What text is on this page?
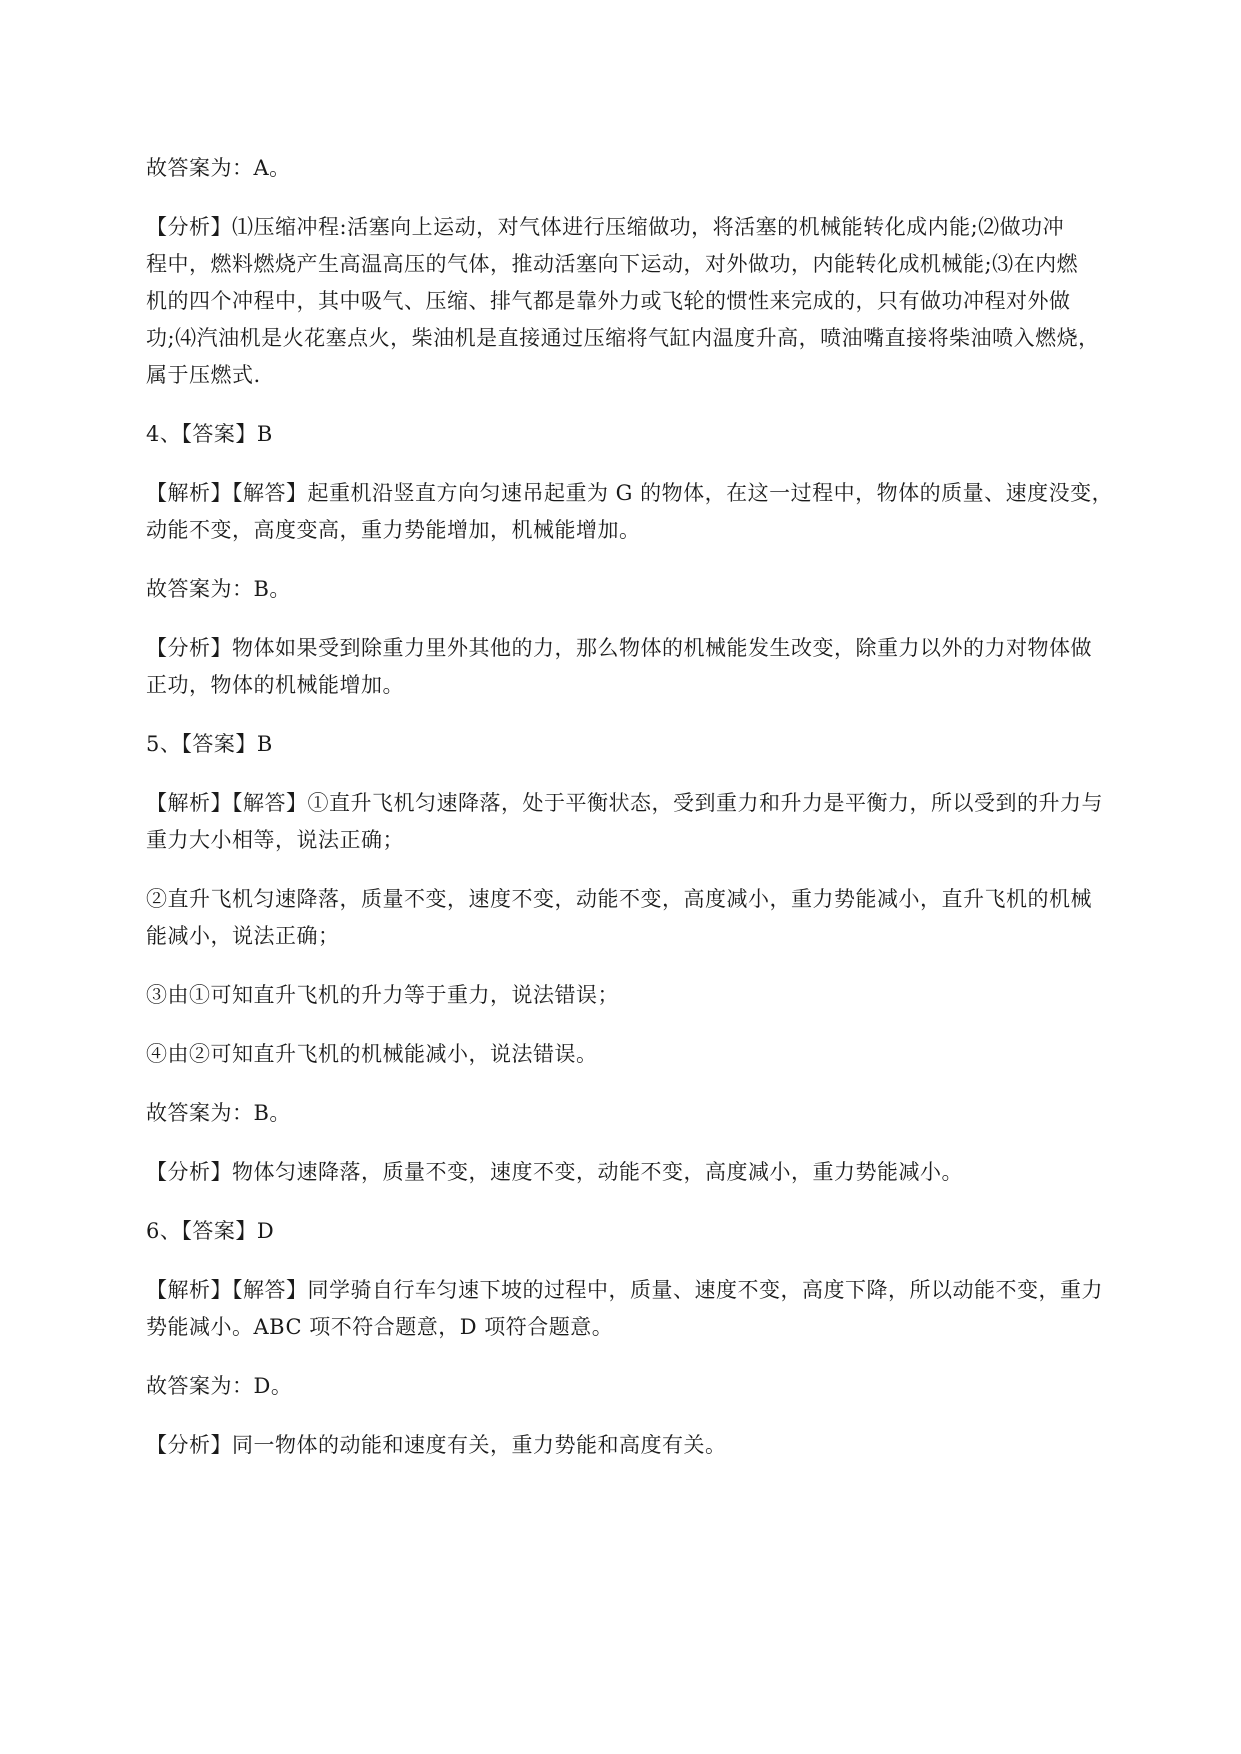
故答案为：A。

【分析】⑴压缩冲程:活塞向上运动，对气体进行压缩做功，将活塞的机械能转化成内能;⑵做功冲
程中，燃料燃烧产生高温高压的气体，推动活塞向下运动，对外做功，内能转化成机械能;⑶在内燃
机的四个冲程中，其中吸气、压缩、排气都是靠外力或飞轮的惯性来完成的，只有做功冲程对外做
功;⑷汽油机是火花塞点火，柴油机是直接通过压缩将气缸内温度升高，喷油嘴直接将柴油喷入燃烧，
属于压燃式.

4、【答案】B

【解析】【解答】起重机沿竖直方向匀速吊起重为 G 的物体，在这一过程中，物体的质量、速度没变，
动能不变，高度变高，重力势能增加，机械能增加。

故答案为：B。

【分析】物体如果受到除重力里外其他的力，那么物体的机械能发生改变，除重力以外的力对物体做
正功，物体的机械能增加。

5、【答案】B

【解析】【解答】①直升飞机匀速降落，处于平衡状态，受到重力和升力是平衡力，所以受到的升力与
重力大小相等，说法正确；

②直升飞机匀速降落，质量不变，速度不变，动能不变，高度减小，重力势能减小，直升飞机的机械
能减小，说法正确；

③由①可知直升飞机的升力等于重力，说法错误；

④由②可知直升飞机的机械能减小，说法错误。

故答案为：B。

【分析】物体匀速降落，质量不变，速度不变，动能不变，高度减小，重力势能减小。

6、【答案】D

【解析】【解答】同学骑自行车匀速下坡的过程中，质量、速度不变，高度下降，所以动能不变，重力
势能减小。ABC 项不符合题意，D 项符合题意。

故答案为：D。

【分析】同一物体的动能和速度有关，重力势能和高度有关。
